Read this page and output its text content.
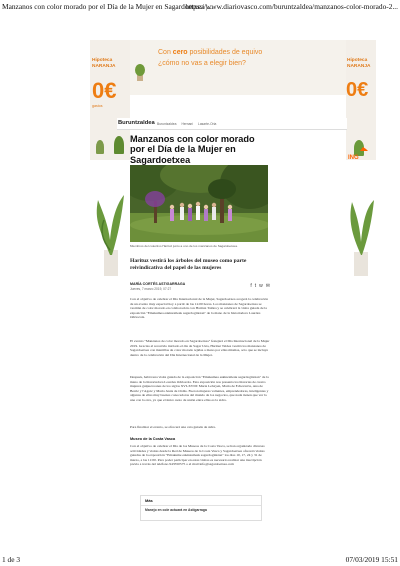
Manzanos con color morado por el Día de la Mujer en Sagardoetxea |...
https://www.diariovasco.com/buruntzaldea/manzanos-color-morado-2...
Hipoteca
NARANJA
0€
gastos
Con cero posibilidades de equivo
¿cómo no vas a elegir bien?	Hipoteca
NARANJA
0€
Buruntzaldea Buruntzaldea Hernani Lasarte-Oria
ING
Manzanos con color morado por el Día de la Mujer en Sagardoetxea
Miembros del colectivo Harituz junto a uno de los manzanos de Sagardoetxea.
Harituz vestirá los árboles del museo como parte reivindicativa del papel de las mujeres
MARÍA CORTÉS ASTIGARRAGA
Jueves, 7 marzo 2019, 07:27	f t w ✉

Con el objetivo de celebrar el Día Internacional de la Mujer, Sagardoetxea acogerá la celebración de un evento muy especial hoy a partir de las 12.00 horas. Los manzanos de Sagardoetxea se vestirán de color morado en colaboración con Harituz Taldea y se celebrará la visita guiada de la exposición "Emakumea eskinzaileak sagardogintzan" de la mano de la historiadora Lourdes Odriozola.

El evento "Manzanos de color morado en Sagardoetxea" festejará el Día Internacional de la Mujer 2019. Gracias al recorrido iniciado el día de Sagar Usta, Harituz Taldea vestirá los manzanos de Sagardoetxea con mantillas de color morado tejidas a mano por ellas mismas, acto que se incluye dentro de la celebración del Día Internacional de la Mujer.

Después, habrá una visita guiada de la exposición "Emakumea eskinzaileak sagardogintzan" de la mano de la historiadora Lourdes Odriozola. Esta exposición nos presenta los historias de cuatro mujeres guipuzcoanas de los siglos XVI-XVIII: María Lebayen, María de Echevarria, Ana de Berriz y l'Agoiz y María Jesús de Ordás. Fueron mujeres valientes, emprendedoras, inteligentes y algunas de ellas muy buenas conocedoras del mundo de los negocios, que nada tienen que ver la una con la otra, ya que el único nexo de unión entre ellas es la sidra.

Para finalizar el evento, se ofrecerá una cata guiada de sidra.

Museo de la Costa Vasca

Con el objetivo de celebrar el Día de los Museos de la Costa Vasca, se han organizado diversas actividades y visitas desde la Red de Museos de la Costa Vasca y Sagardoetxea ofrecerá visitas guiadas de la exposición "Emakume eskinzaileak sagardogintzan" los días 10, 17, 24 y 31 de marzo, a las 11:00. Para poder participar en estas visitas es necesario realizar una inscripción previa a través del teléfono 943550575 o el mail info@sagardoetxea.com

Más
Manejo en cole actuará en Astigarraga
1 de 3	07/03/2019 15:51
